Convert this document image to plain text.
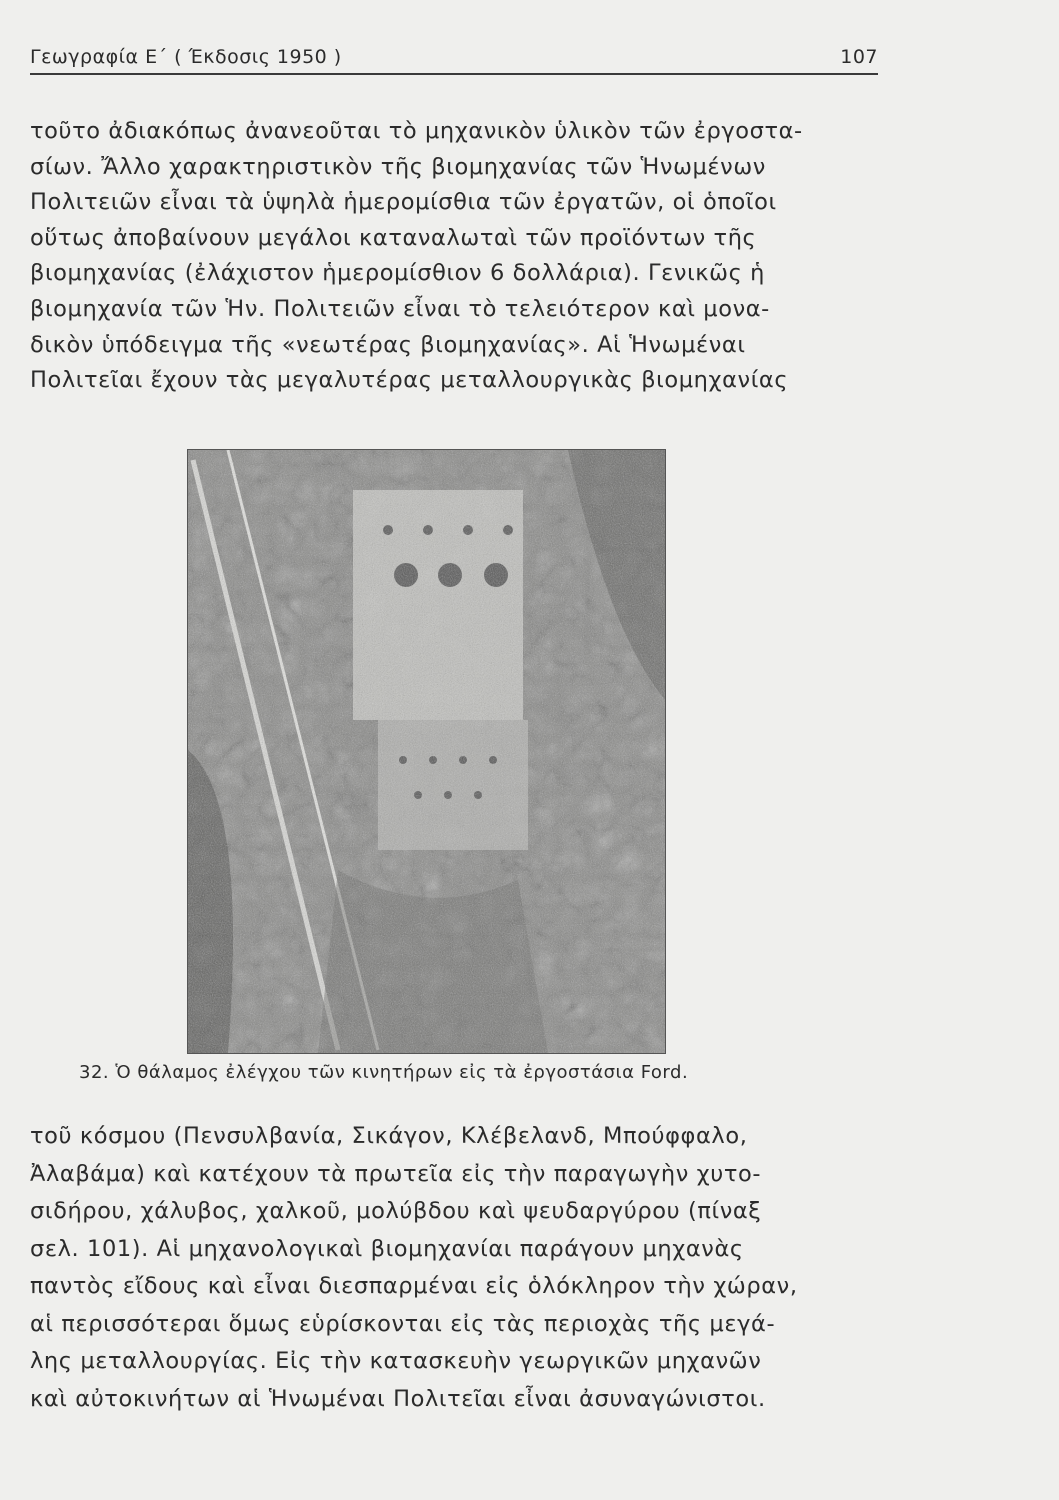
Γεωγραφία Ε΄ ( Έκδοσις 1950 )	107

τοῦτο ἀδιακόπως ἀνανεοῦται τὸ μηχανικὸν ὑλικὸν τῶν ἐργοστα-
σίων. Ἄλλο χαρακτηριστικὸν τῆς βιομηχανίας τῶν Ἡνωμένων
Πολιτειῶν εἶναι τὰ ὑψηλὰ ἡμερομίσθια τῶν ἐργατῶν, οἱ ὁποῖοι
οὕτως ἀποβαίνουν μεγάλοι καταναλωταὶ τῶν προϊόντων τῆς
βιομηχανίας (ἐλάχιστον ἡμερομίσθιον 6 δολλάρια). Γενικῶς ἡ
βιομηχανία τῶν Ἡν. Πολιτειῶν εἶναι τὸ τελειότερον καὶ μονα-
δικὸν ὑπόδειγμα τῆς «νεωτέρας βιομηχανίας». Αἱ Ἡνωμέναι
Πολιτεῖαι ἔχουν τὰς μεγαλυτέρας μεταλλουργικὰς βιομηχανίας

32. Ὁ θάλαμος ἐλέγχου τῶν κινητήρων εἰς τὰ ἐργοστάσια Ford.

τοῦ κόσμου (Πενσυλβανία, Σικάγον, Κλέβελανδ, Μπούφφαλο,
Ἀλαβάμα) καὶ κατέχουν τὰ πρωτεῖα εἰς τὴν παραγωγὴν χυτο-
σιδήρου, χάλυβος, χαλκοῦ, μολύβδου καὶ ψευδαργύρου (πίναξ
σελ. 101). Αἱ μηχανολογικαὶ βιομηχανίαι παράγουν μηχανὰς
παντὸς εἴδους καὶ εἶναι διεσπαρμέναι εἰς ὁλόκληρον τὴν χώραν,
αἱ περισσότεραι ὅμως εὑρίσκονται εἰς τὰς περιοχὰς τῆς μεγά-
λης μεταλλουργίας. Εἰς τὴν κατασκευὴν γεωργικῶν μηχανῶν
καὶ αὐτοκινήτων αἱ Ἡνωμέναι Πολιτεῖαι εἶναι ἀσυναγώνιστοι.
